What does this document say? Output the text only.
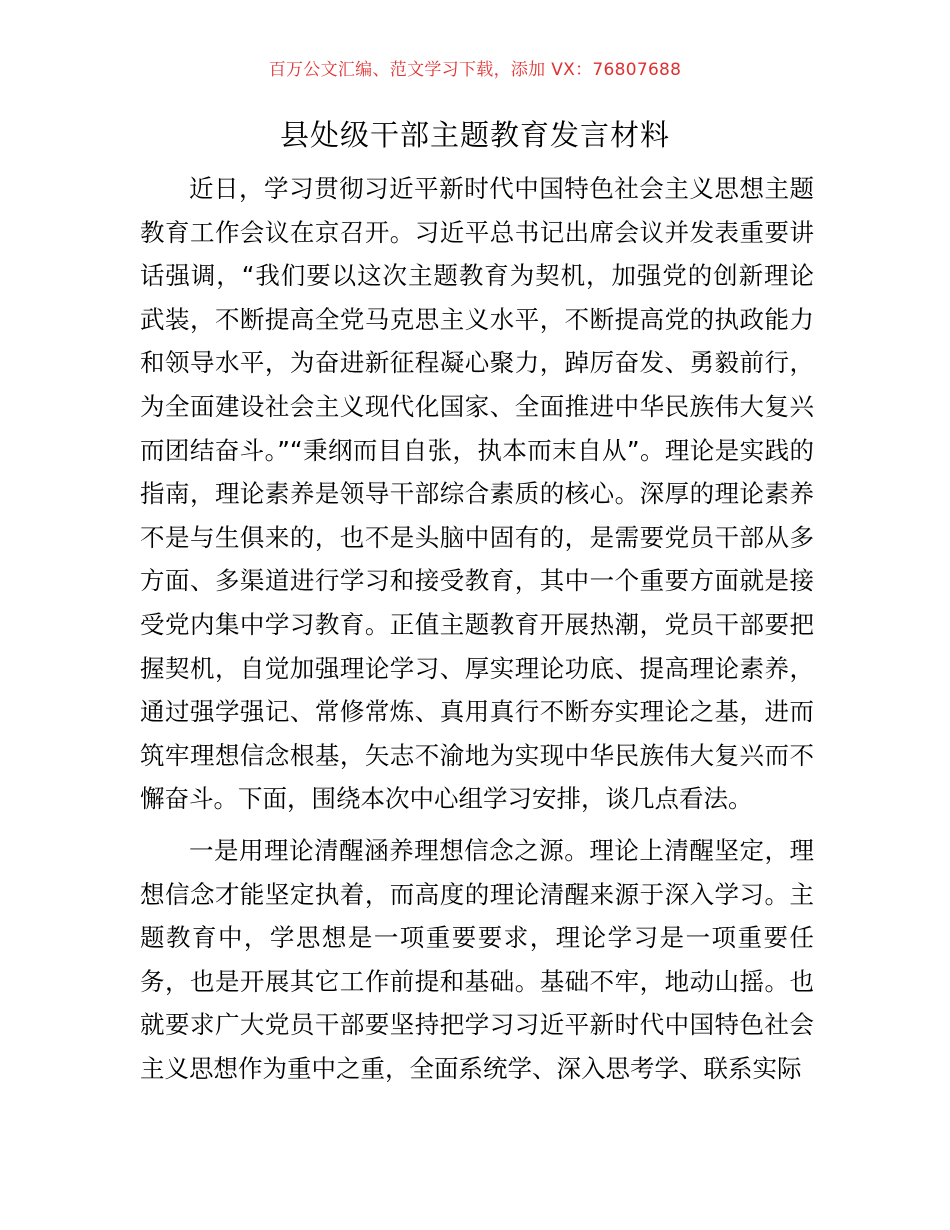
百万公文汇编、范文学习下载，添加 VX：76807688
县处级干部主题教育发言材料

近日，学习贯彻习近平新时代中国特色社会主义思想主题教育工作会议在京召开。习近平总书记出席会议并发表重要讲话强调，“我们要以这次主题教育为契机，加强党的创新理论武装，不断提高全党马克思主义水平，不断提高党的执政能力和领导水平，为奋进新征程凝心聚力，踔厉奋发、勇毅前行，为全面建设社会主义现代化国家、全面推进中华民族伟大复兴而团结奋斗。”“秉纲而目自张，执本而末自从”。理论是实践的指南，理论素养是领导干部综合素质的核心。深厚的理论素养不是与生俱来的，也不是头脑中固有的，是需要党员干部从多方面、多渠道进行学习和接受教育，其中一个重要方面就是接受党内集中学习教育。正值主题教育开展热潮，党员干部要把握契机，自觉加强理论学习、厚实理论功底、提高理论素养，通过强学强记、常修常炼、真用真行不断夯实理论之基，进而筑牢理想信念根基，矢志不渝地为实现中华民族伟大复兴而不懈奋斗。下面，围绕本次中心组学习安排，谈几点看法。

一是用理论清醒涵养理想信念之源。理论上清醒坚定，理想信念才能坚定执着，而高度的理论清醒来源于深入学习。主题教育中，学思想是一项重要要求，理论学习是一项重要任务，也是开展其它工作前提和基础。基础不牢，地动山摇。也就要求广大党员干部要坚持把学习习近平新时代中国特色社会主义思想作为重中之重，全面系统学、深入思考学、联系实际
